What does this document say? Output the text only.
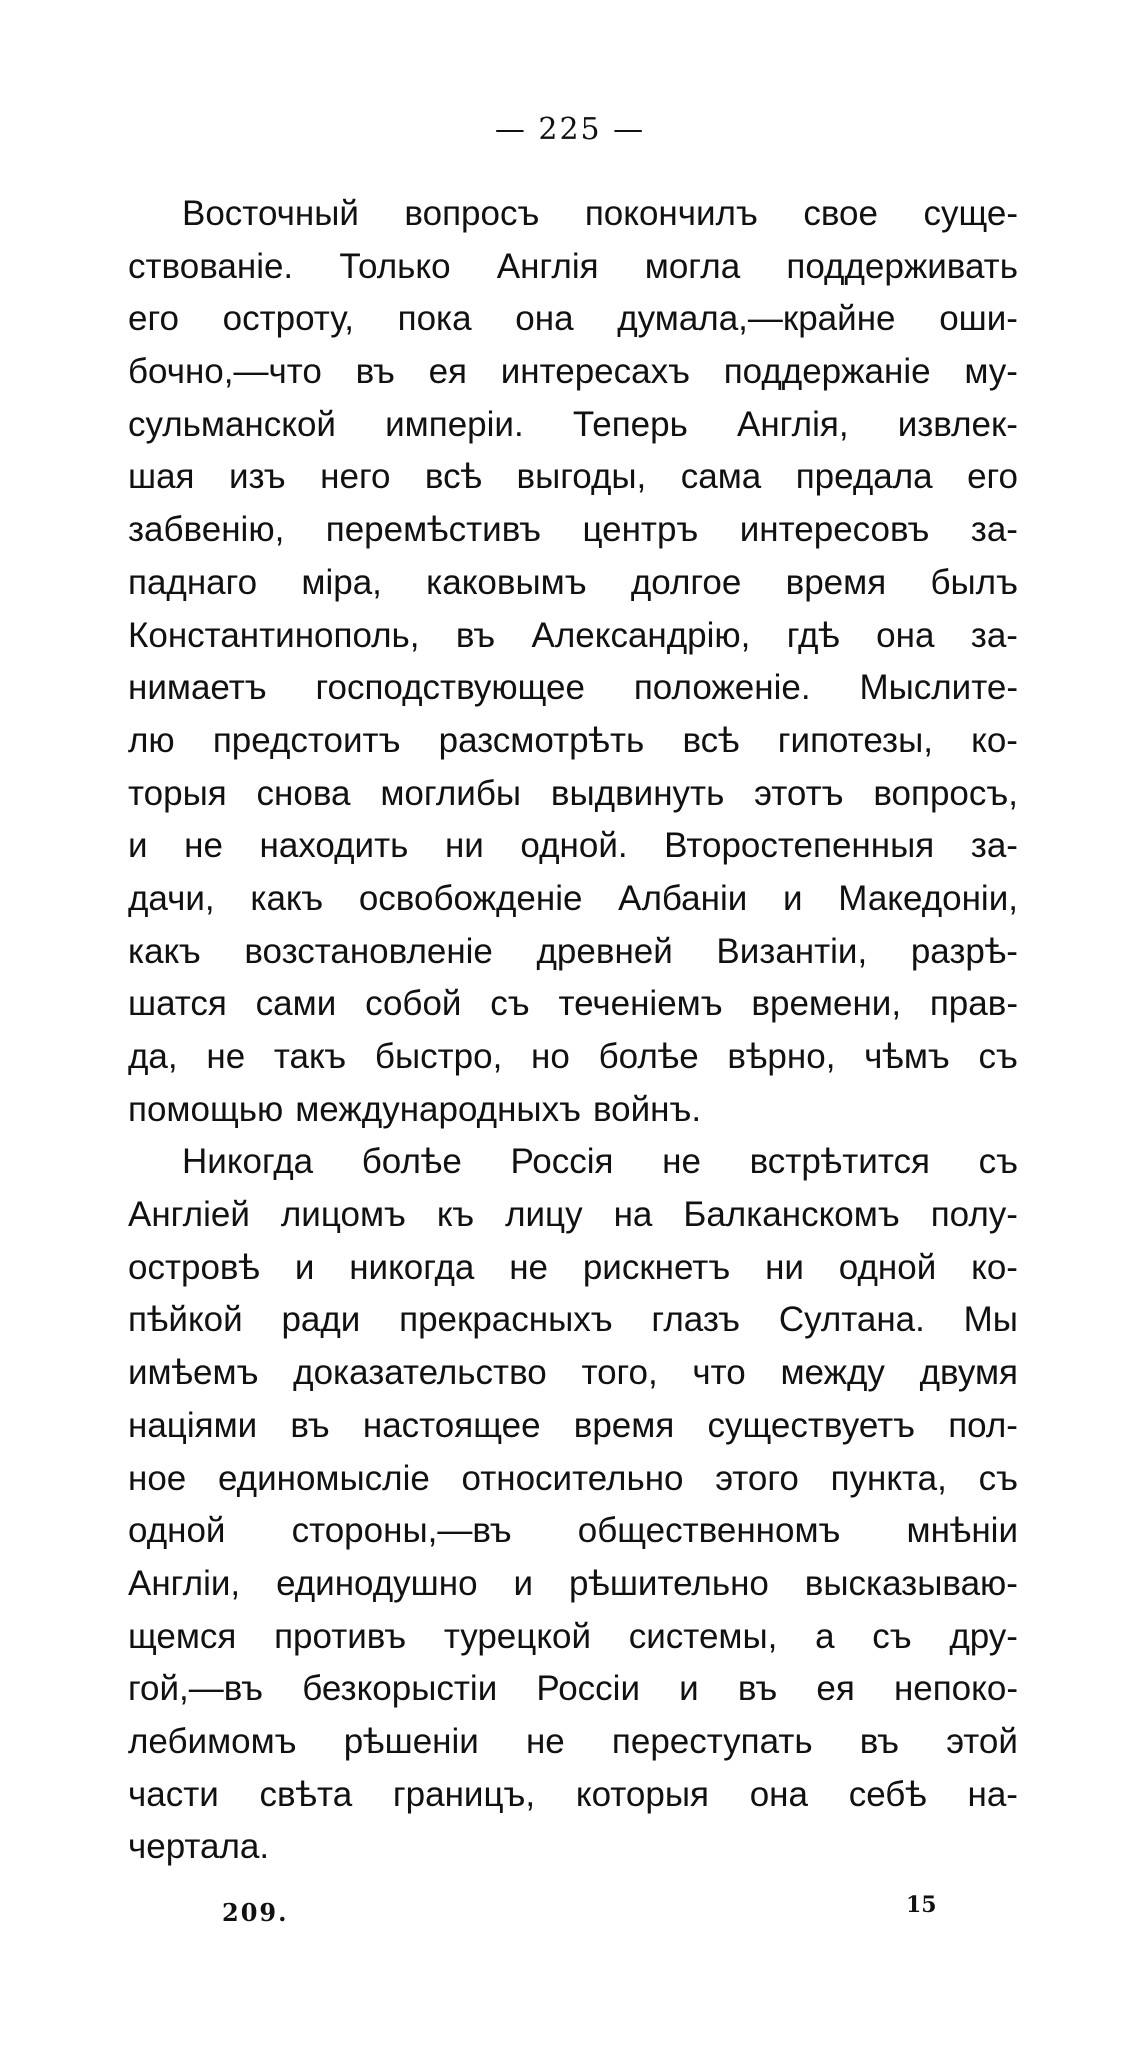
— 225 —
Восточный вопросъ покончилъ свое суще-
ствованіе. Только Англія могла поддерживать
его остроту, пока она думала,—крайне оши-
бочно,—что въ ея интересахъ поддержаніе му-
сульманской имперіи. Теперь Англія, извлек-
шая изъ него всѣ выгоды, сама предала его
забвенію, перемѣстивъ центръ интересовъ за-
паднаго міра, каковымъ долгое время былъ
Константинополь, въ Александрію, гдѣ она за-
нимаетъ господствующее положеніе. Мыслите-
лю предстоитъ разсмотрѣть всѣ гипотезы, ко-
торыя снова моглибы выдвинуть этотъ вопросъ,
и не находить ни одной. Второстепенныя за-
дачи, какъ освобожденіе Албаніи и Македоніи,
какъ возстановленіе древней Византіи, разрѣ-
шатся сами собой съ теченіемъ времени, прав-
да, не такъ быстро, но болѣе вѣрно, чѣмъ съ
помощью международныхъ войнъ.
Никогда болѣе Россія не встрѣтится съ
Англіей лицомъ къ лицу на Балканскомъ полу-
островѣ и никогда не рискнетъ ни одной ко-
пѣйкой ради прекрасныхъ глазъ Султана. Мы
имѣемъ доказательство того, что между двумя
націями въ настоящее время существуетъ пол-
ное единомысліе относительно этого пункта, съ
одной стороны,—въ общественномъ мнѣніи
Англіи, единодушно и рѣшительно высказываю-
щемся противъ турецкой системы, а съ дру-
гой,—въ безкорыстіи Россіи и въ ея непоко-
лебимомъ рѣшеніи не переступать въ этой
части свѣта границъ, которыя она себѣ на-
чертала.
209.	15
